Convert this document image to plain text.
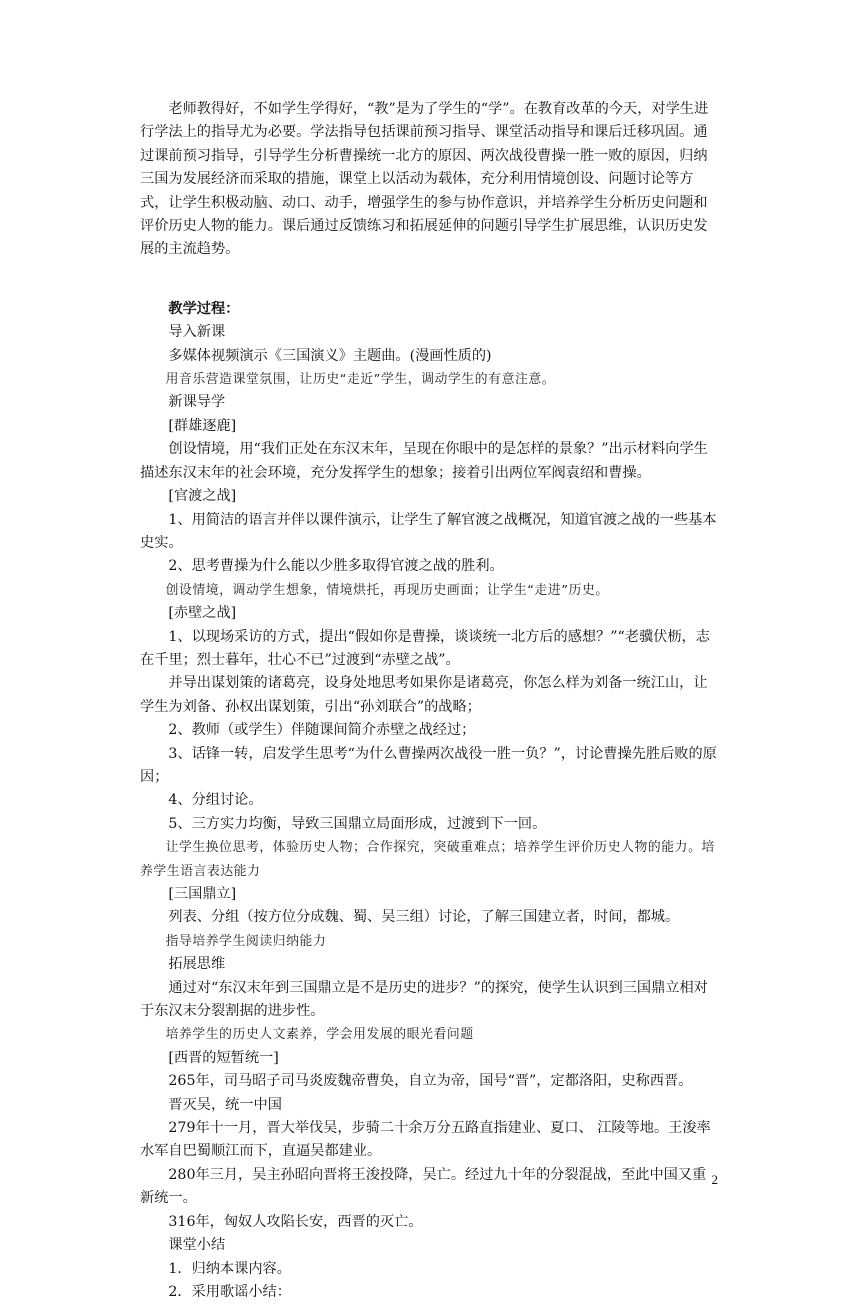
老师教得好，不如学生学得好，“教”是为了学生的“学”。在教育改革的今天，对学生进行学法上的指导尤为必要。学法指导包括课前预习指导、课堂活动指导和课后迁移巩固。通过课前预习指导，引导学生分析曹操统一北方的原因、两次战役曹操一胜一败的原因，归纳三国为发展经济而采取的措施，课堂上以活动为载体，充分利用情境创设、问题讨论等方式，让学生积极动脑、动口、动手，增强学生的参与协作意识，并培养学生分析历史问题和评价历史人物的能力。课后通过反馈练习和拓展延伸的问题引导学生扩展思维，认识历史发展的主流趋势。

教学过程：

导入新课

多媒体视频演示《三国演义》主题曲。(漫画性质的)

用音乐营造课堂氛围，让历史“走近”学生，调动学生的有意注意。

新课导学

[群雄逐鹿]

创设情境，用“我们正处在东汉末年，呈现在你眼中的是怎样的景象？”出示材料向学生描述东汉末年的社会环境，充分发挥学生的想象；接着引出两位军阀袁绍和曹操。

[官渡之战]

1、用简洁的语言并伴以课件演示，让学生了解官渡之战概况，知道官渡之战的一些基本史实。

2、思考曹操为什么能以少胜多取得官渡之战的胜利。

创设情境，调动学生想象，情境烘托，再现历史画面；让学生“走进”历史。

[赤壁之战]

1、以现场采访的方式，提出“假如你是曹操，谈谈统一北方后的感想？”“老骥伏枥，志在千里；烈士暮年，壮心不已”过渡到“赤壁之战”。

并导出谋划策的诸葛亮，设身处地思考如果你是诸葛亮，你怎么样为刘备一统江山，让学生为刘备、孙权出谋划策，引出“孙刘联合”的战略；

2、教师（或学生）伴随课间简介赤壁之战经过；

3、话锋一转，启发学生思考“为什么曹操两次战役一胜一负？”，讨论曹操先胜后败的原因；

4、分组讨论。

5、三方实力均衡，导致三国鼎立局面形成，过渡到下一回。

让学生换位思考，体验历史人物；合作探究，突破重难点；培养学生评价历史人物的能力。培养学生语言表达能力

[三国鼎立]

列表、分组（按方位分成魏、蜀、吴三组）讨论，了解三国建立者，时间，都城。

指导培养学生阅读归纳能力

拓展思维

通过对“东汉末年到三国鼎立是不是历史的进步？”的探究，使学生认识到三国鼎立相对于东汉末分裂割据的进步性。

培养学生的历史人文素养，学会用发展的眼光看问题

[西晋的短暂统一]

265年，司马昭子司马炎废魏帝曹奂，自立为帝，国号“晋”，定都洛阳，史称西晋。

晋灭吴，统一中国

279年十一月，晋大举伐吴，步骑二十余万分五路直指建业、夏口、 江陵等地。王浚率水军自巴蜀顺江而下，直逼吴都建业。

280年三月，吴主孙昭向晋将王浚投降，吴亡。经过九十年的分裂混战，至此中国又重新统一。

316年，匈奴人攻陷长安，西晋的灭亡。

课堂小结

1．归纳本课内容。

2．采用歌谣小结：

2
